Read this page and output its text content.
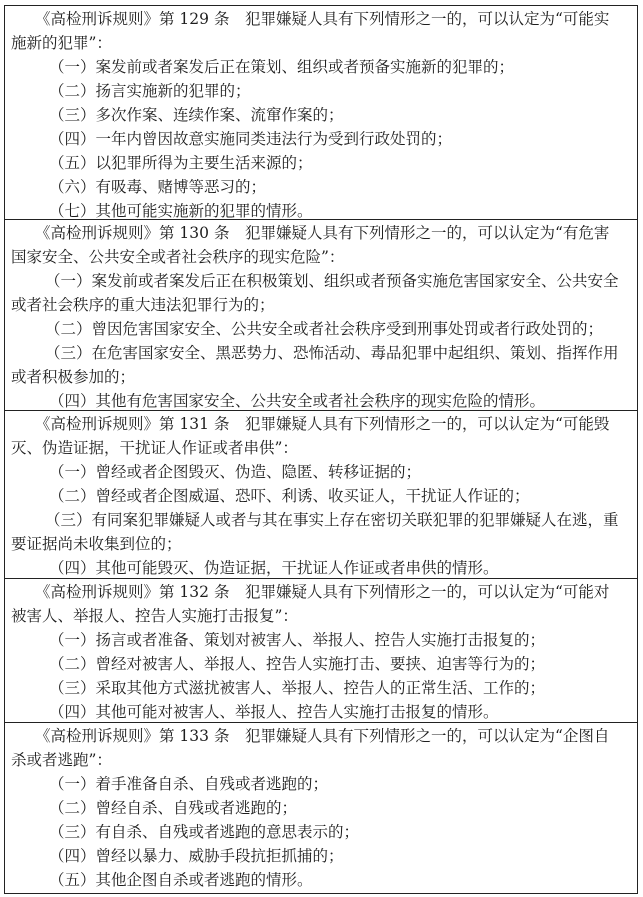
《高检刑诉规则》第 129 条　犯罪嫌疑人具有下列情形之一的，可以认定为“可能实
施新的犯罪”：
（一）案发前或者案发后正在策划、组织或者预备实施新的犯罪的；
（二）扬言实施新的犯罪的；
（三）多次作案、连续作案、流窜作案的；
（四）一年内曾因故意实施同类违法行为受到行政处罚的；
（五）以犯罪所得为主要生活来源的；
（六）有吸毒、赌博等恶习的；
（七）其他可能实施新的犯罪的情形。
《高检刑诉规则》第 130 条　犯罪嫌疑人具有下列情形之一的，可以认定为“有危害
国家安全、公共安全或者社会秩序的现实危险”：
（一）案发前或者案发后正在积极策划、组织或者预备实施危害国家安全、公共安全
或者社会秩序的重大违法犯罪行为的；
（二）曾因危害国家安全、公共安全或者社会秩序受到刑事处罚或者行政处罚的；
（三）在危害国家安全、黑恶势力、恐怖活动、毒品犯罪中起组织、策划、指挥作用
或者积极参加的；
（四）其他有危害国家安全、公共安全或者社会秩序的现实危险的情形。
《高检刑诉规则》第 131 条　犯罪嫌疑人具有下列情形之一的，可以认定为“可能毁
灭、伪造证据，干扰证人作证或者串供”：
（一）曾经或者企图毁灭、伪造、隐匿、转移证据的；
（二）曾经或者企图威逼、恐吓、利诱、收买证人，干扰证人作证的；
（三）有同案犯罪嫌疑人或者与其在事实上存在密切关联犯罪的犯罪嫌疑人在逃，重
要证据尚未收集到位的；
（四）其他可能毁灭、伪造证据，干扰证人作证或者串供的情形。
《高检刑诉规则》第 132 条　犯罪嫌疑人具有下列情形之一的，可以认定为“可能对
被害人、举报人、控告人实施打击报复”：
（一）扬言或者准备、策划对被害人、举报人、控告人实施打击报复的；
（二）曾经对被害人、举报人、控告人实施打击、要挟、迫害等行为的；
（三）采取其他方式滋扰被害人、举报人、控告人的正常生活、工作的；
（四）其他可能对被害人、举报人、控告人实施打击报复的情形。
《高检刑诉规则》第 133 条　犯罪嫌疑人具有下列情形之一的，可以认定为“企图自
杀或者逃跑”：
（一）着手准备自杀、自残或者逃跑的；
（二）曾经自杀、自残或者逃跑的；
（三）有自杀、自残或者逃跑的意思表示的；
（四）曾经以暴力、威胁手段抗拒抓捕的；
（五）其他企图自杀或者逃跑的情形。
